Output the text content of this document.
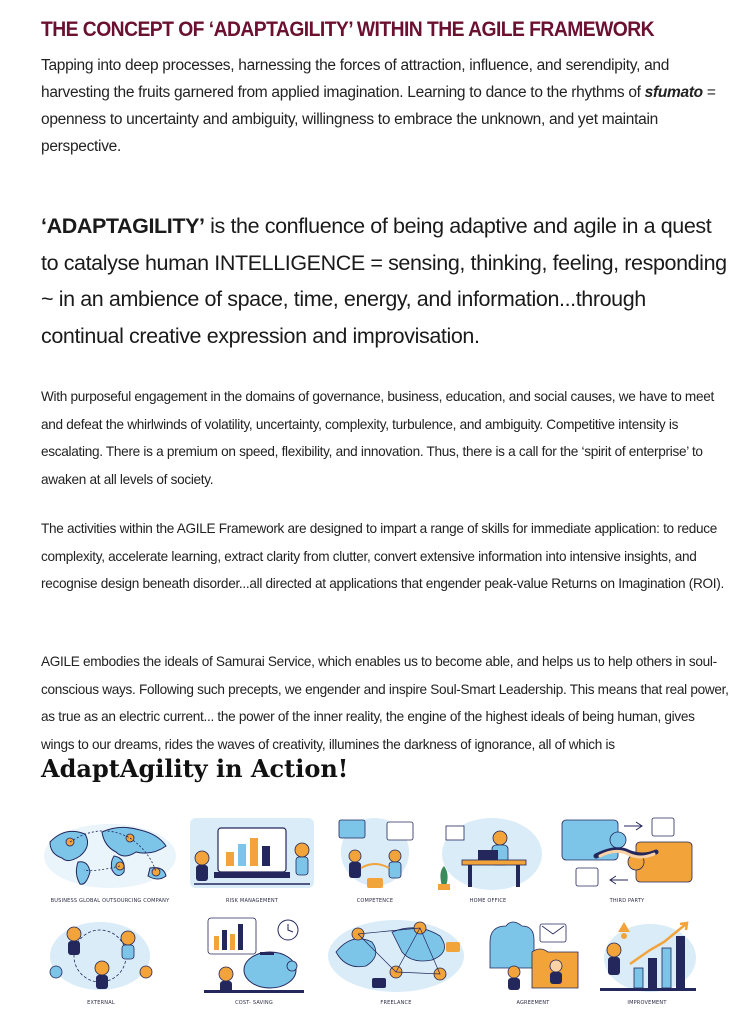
THE CONCEPT OF ‘ADAPTAGILITY’ WITHIN THE AGILE FRAMEWORK
Tapping into deep processes, harnessing the forces of attraction, influence, and serendipity, and harvesting the fruits garnered from applied imagination. Learning to dance to the rhythms of sfumato = openness to uncertainty and ambiguity, willingness to embrace the unknown, and yet maintain perspective.
‘ADAPTAGILITY’ is the confluence of being adaptive and agile in a quest to catalyse human INTELLIGENCE = sensing, thinking, feeling, responding ~ in an ambience of space, time, energy, and information...through continual creative expression and improvisation.
With purposeful engagement in the domains of governance, business, education, and social causes, we have to meet and defeat the whirlwinds of volatility, uncertainty, complexity, turbulence, and ambiguity. Competitive intensity is escalating. There is a premium on speed, flexibility, and innovation. Thus, there is a call for the ‘spirit of enterprise’ to awaken at all levels of society.
The activities within the AGILE Framework are designed to impart a range of skills for immediate application: to reduce complexity, accelerate learning, extract clarity from clutter, convert extensive information into intensive insights, and recognise design beneath disorder...all directed at applications that engender peak-value Returns on Imagination (ROI).
AGILE embodies the ideals of Samurai Service, which enables us to become able, and helps us to help others in soul-conscious ways. Following such precepts, we engender and inspire Soul-Smart Leadership. This means that real power, as true as an electric current... the power of the inner reality, the engine of the highest ideals of being human, gives wings to our dreams, rides the waves of creativity, illumines the darkness of ignorance, all of which is
AdaptAgility in Action!
BUSINESS GLOBAL OUTSOURCING COMPANY	RISK MANAGEMENT	COMPETENCE	HOME OFFICE	THIRD PARTY
EXTERNAL	COST- SAVING	FREELANCE	AGREEMENT	IMPROVEMENT
